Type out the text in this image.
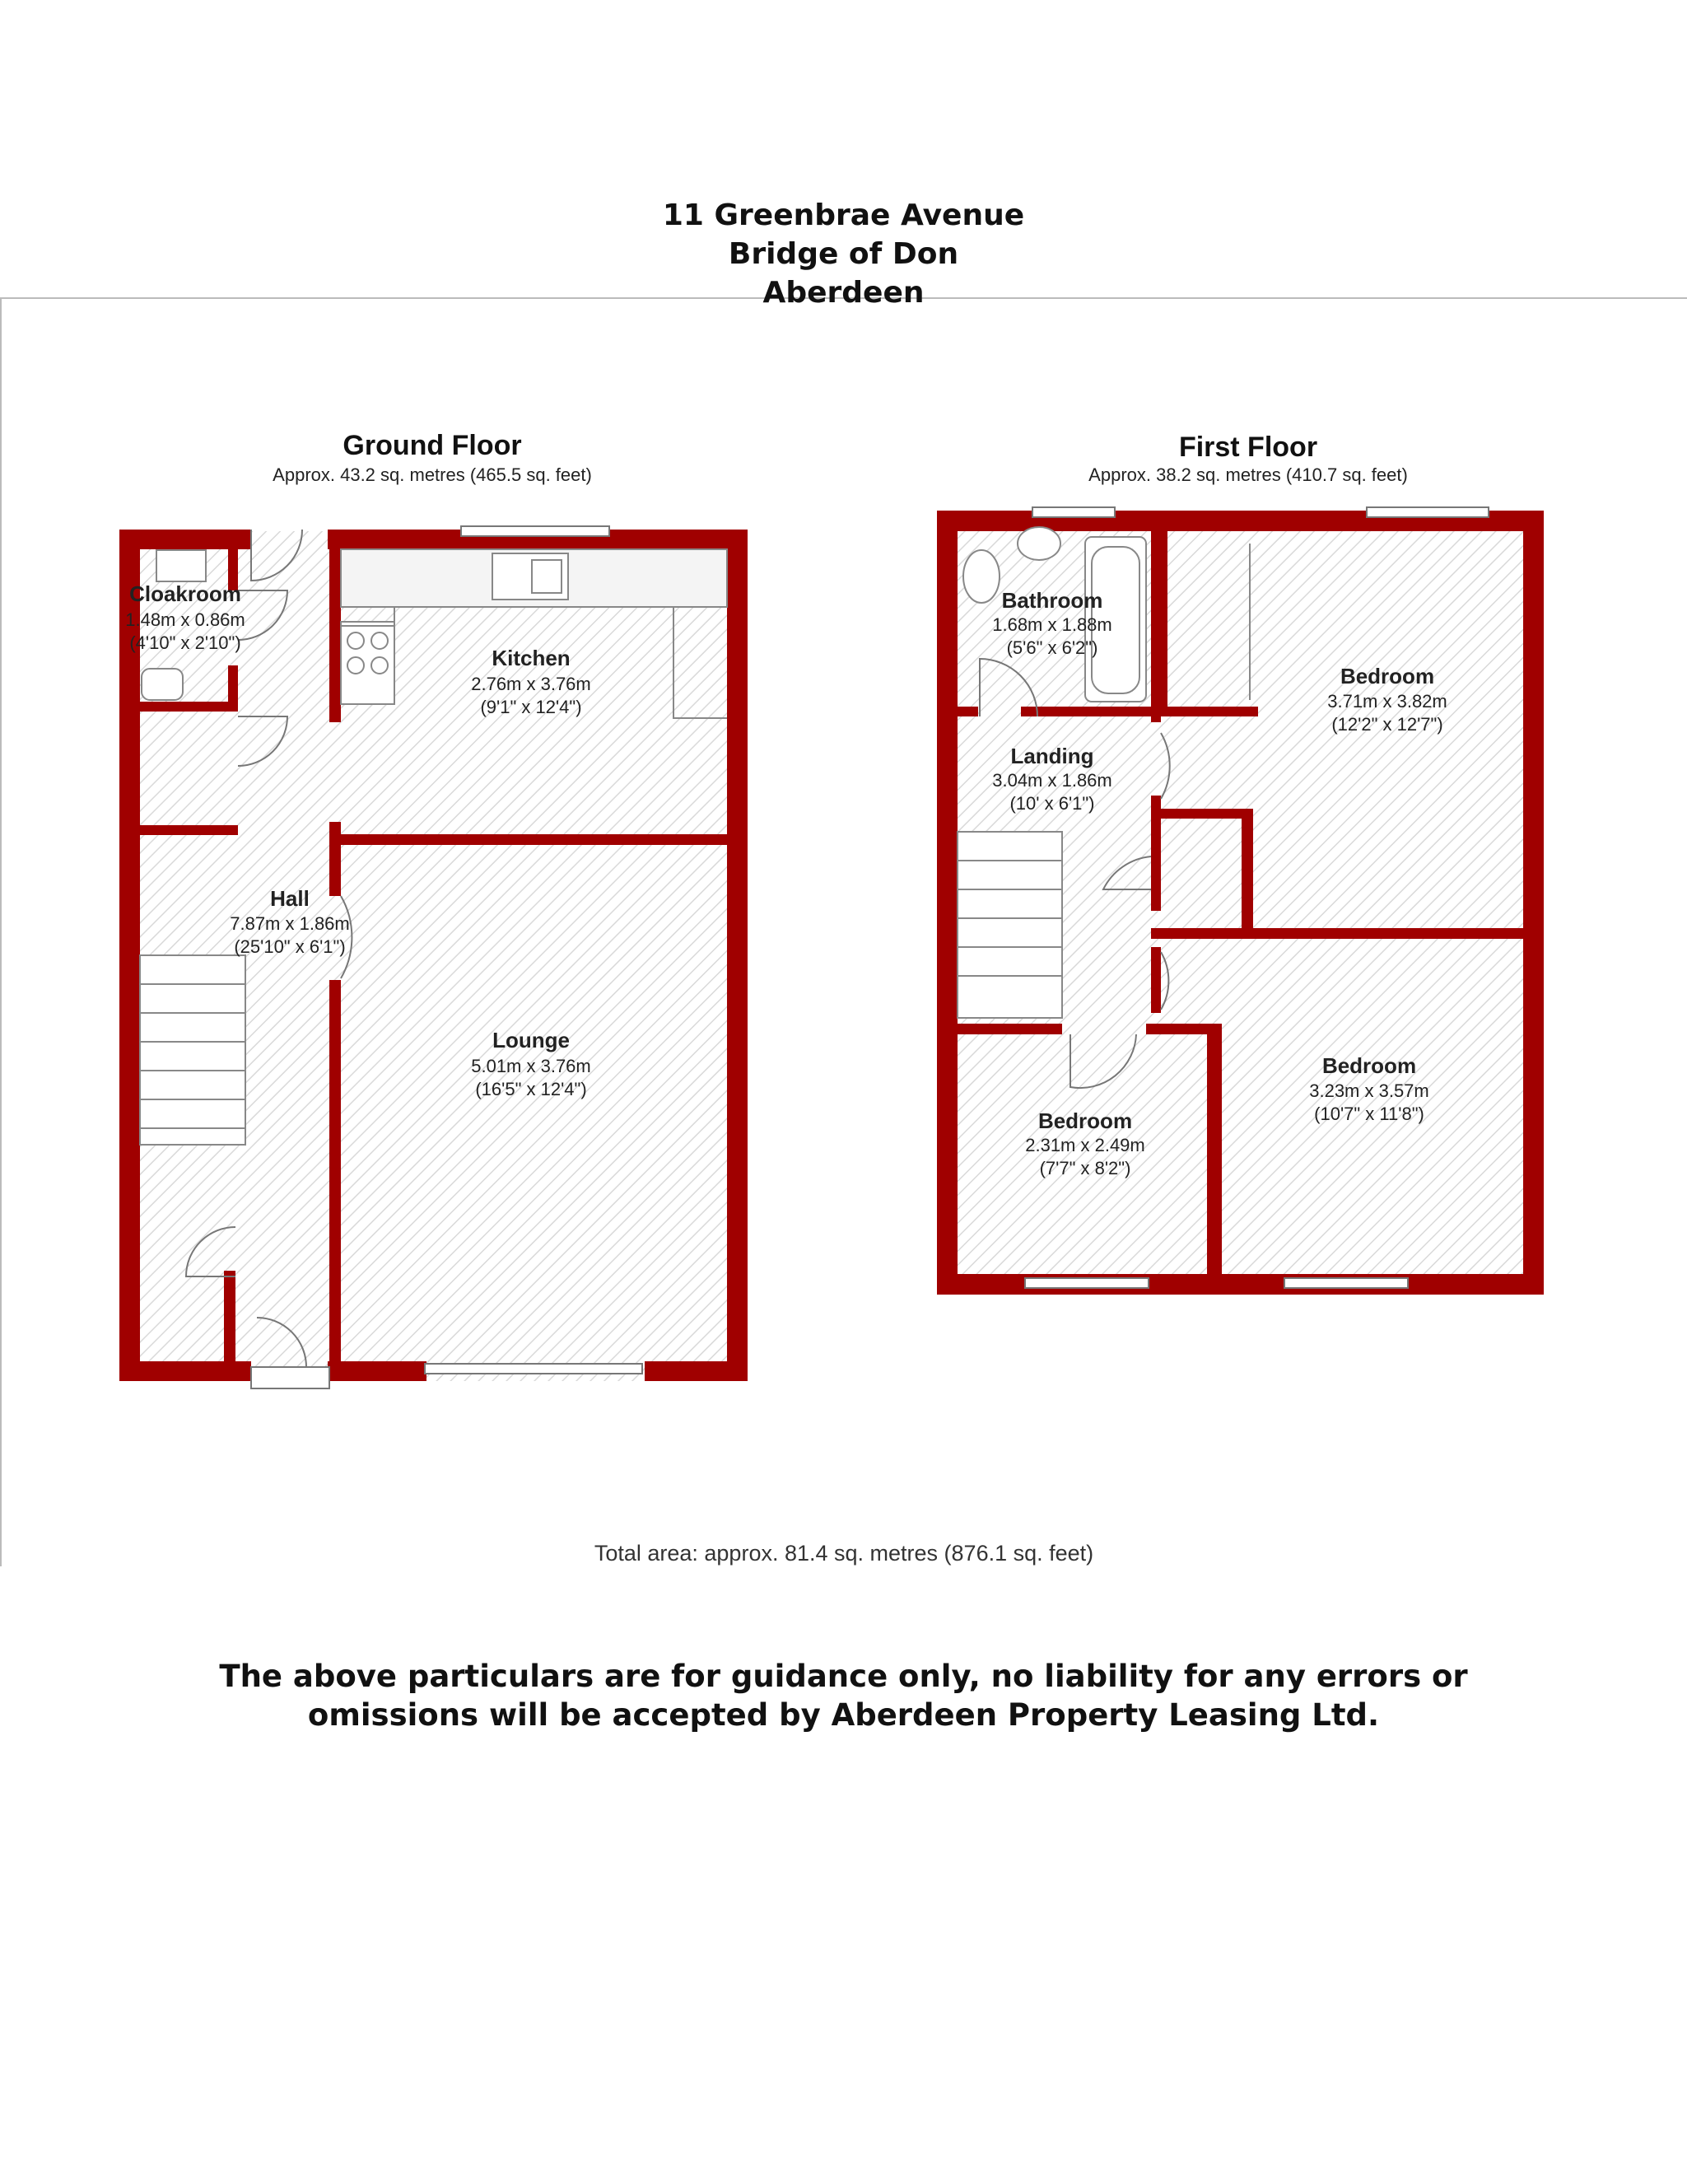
Ground Floor
Approx. 43.2 sq. metres (465.5 sq. feet)
Cloakroom
1.48m x 0.86m
(4'10" x 2'10")
Kitchen
2.76m x 3.76m
(9'1" x 12'4")
Hall
7.87m x 1.86m
(25'10" x 6'1")
Lounge
5.01m x 3.76m
(16'5" x 12'4")
First Floor
Approx. 38.2 sq. metres (410.7 sq. feet)
Bathroom
1.68m x 1.88m
(5'6" x 6'2")
Landing
3.04m x 1.86m
(10' x 6'1")
Bedroom
3.71m x 3.82m
(12'2" x 12'7")
Bedroom
3.23m x 3.57m
(10'7" x 11'8")
Bedroom
2.31m x 2.49m
(7'7" x 8'2")
Total area: approx. 81.4 sq. metres (876.1 sq. feet)
11 Greenbrae Avenue
Bridge of Don
Aberdeen
The above particulars are for guidance only, no liability for any errors or
omissions will be accepted by Aberdeen Property Leasing Ltd.
